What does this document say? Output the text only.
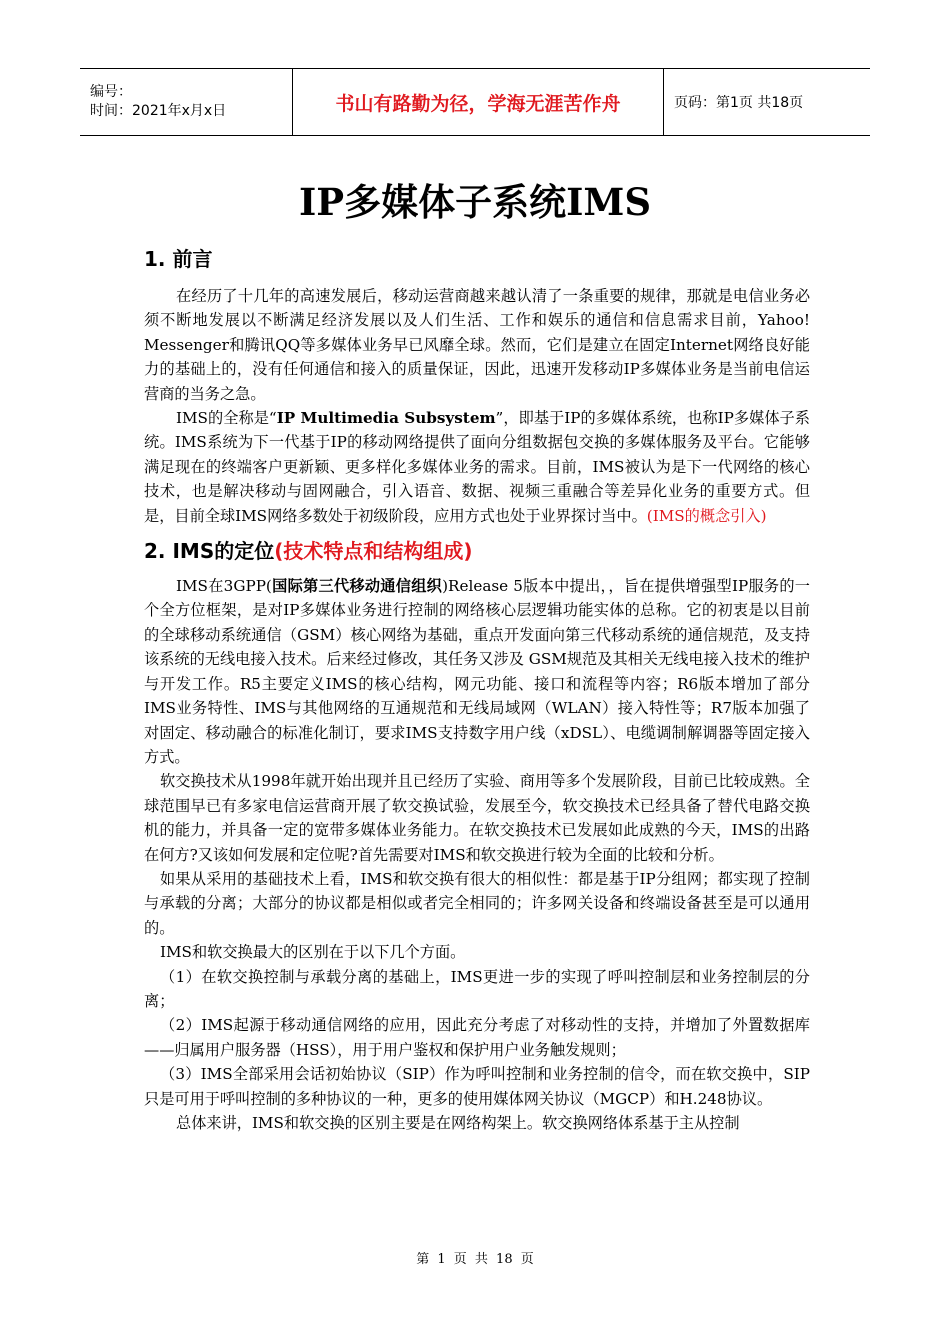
编号：
时间：2021年x月x日	书山有路勤为径，学海无涯苦作舟	页码：第1页 共18页
IP多媒体子系统IMS
1. 前言

在经历了十几年的高速发展后，移动运营商越来越认清了一条重要的规律，那就是电信业务必须不断地发展以不断满足经济发展以及人们生活、工作和娱乐的通信和信息需求目前，Yahoo! Messenger和腾讯QQ等多媒体业务早已风靡全球。然而，它们是建立在固定Internet网络良好能力的基础上的，没有任何通信和接入的质量保证，因此，迅速开发移动IP多媒体业务是当前电信运营商的当务之急。

IMS的全称是“IP Multimedia Subsystem”，即基于IP的多媒体系统，也称IP多媒体子系统。IMS系统为下一代基于IP的移动网络提供了面向分组数据包交换的多媒体服务及平台。它能够满足现在的终端客户更新颖、更多样化多媒体业务的需求。目前，IMS被认为是下一代网络的核心技术，也是解决移动与固网融合，引入语音、数据、视频三重融合等差异化业务的重要方式。但是，目前全球IMS网络多数处于初级阶段，应用方式也处于业界探讨当中。(IMS的概念引入)

2. IMS的定位(技术特点和结构组成)

IMS在3GPP(国际第三代移动通信组织)Release 5版本中提出，，旨在提供增强型IP服务的一个全方位框架，是对IP多媒体业务进行控制的网络核心层逻辑功能实体的总称。它的初衷是以目前的全球移动系统通信（GSM）核心网络为基础，重点开发面向第三代移动系统的通信规范，及支持该系统的无线电接入技术。后来经过修改，其任务又涉及 GSM规范及其相关无线电接入技术的维护与开发工作。R5主要定义IMS的核心结构，网元功能、接口和流程等内容；R6版本增加了部分IMS业务特性、IMS与其他网络的互通规范和无线局域网（WLAN）接入特性等；R7版本加强了对固定、移动融合的标准化制订，要求IMS支持数字用户线（xDSL）、电缆调制解调器等固定接入方式。

软交换技术从1998年就开始出现并且已经历了实验、商用等多个发展阶段，目前已比较成熟。全球范围早已有多家电信运营商开展了软交换试验，发展至今，软交换技术已经具备了替代电路交换机的能力，并具备一定的宽带多媒体业务能力。在软交换技术已发展如此成熟的今天，IMS的出路在何方?又该如何发展和定位呢?首先需要对IMS和软交换进行较为全面的比较和分析。

如果从采用的基础技术上看，IMS和软交换有很大的相似性：都是基于IP分组网；都实现了控制与承载的分离；大部分的协议都是相似或者完全相同的；许多网关设备和终端设备甚至是可以通用的。

IMS和软交换最大的区别在于以下几个方面。

（1）在软交换控制与承载分离的基础上，IMS更进一步的实现了呼叫控制层和业务控制层的分离；

（2）IMS起源于移动通信网络的应用，因此充分考虑了对移动性的支持，并增加了外置数据库——归属用户服务器（HSS），用于用户鉴权和保护用户业务触发规则；

（3）IMS全部采用会话初始协议（SIP）作为呼叫控制和业务控制的信令，而在软交换中，SIP只是可用于呼叫控制的多种协议的一种，更多的使用媒体网关协议（MGCP）和H.248协议。

总体来讲，IMS和软交换的区别主要是在网络构架上。软交换网络体系基于主从控制

第 1 页 共 18 页
